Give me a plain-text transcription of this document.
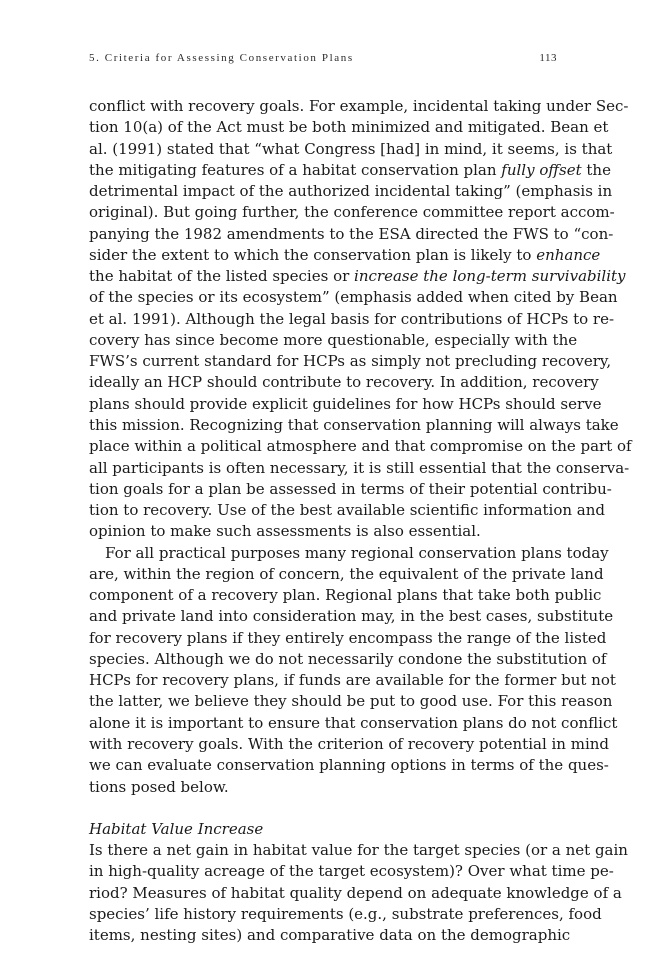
5. Criteria for Assessing Conservation Plans	113
conflict with recovery goals. For example, incidental taking under Sec-
tion 10(a) of the Act must be both minimized and mitigated. Bean et
al. (1991) stated that “what Congress [had] in mind, it seems, is that
the mitigating features of a habitat conservation plan fully offset the
detrimental impact of the authorized incidental taking” (emphasis in
original). But going further, the conference committee report accom-
panying the 1982 amendments to the ESA directed the FWS to “con-
sider the extent to which the conservation plan is likely to enhance
the habitat of the listed species or increase the long-term survivability
of the species or its ecosystem” (emphasis added when cited by Bean
et al. 1991). Although the legal basis for contributions of HCPs to re-
covery has since become more questionable, especially with the
FWS’s current standard for HCPs as simply not precluding recovery,
ideally an HCP should contribute to recovery. In addition, recovery
plans should provide explicit guidelines for how HCPs should serve
this mission. Recognizing that conservation planning will always take
place within a political atmosphere and that compromise on the part of
all participants is often necessary, it is still essential that the conserva-
tion goals for a plan be assessed in terms of their potential contribu-
tion to recovery. Use of the best available scientific information and
opinion to make such assessments is also essential.
For all practical purposes many regional conservation plans today
are, within the region of concern, the equivalent of the private land
component of a recovery plan. Regional plans that take both public
and private land into consideration may, in the best cases, substitute
for recovery plans if they entirely encompass the range of the listed
species. Although we do not necessarily condone the substitution of
HCPs for recovery plans, if funds are available for the former but not
the latter, we believe they should be put to good use. For this reason
alone it is important to ensure that conservation plans do not conflict
with recovery goals. With the criterion of recovery potential in mind
we can evaluate conservation planning options in terms of the ques-
tions posed below.
Habitat Value Increase
Is there a net gain in habitat value for the target species (or a net gain
in high-quality acreage of the target ecosystem)? Over what time pe-
riod? Measures of habitat quality depend on adequate knowledge of a
species’ life history requirements (e.g., substrate preferences, food
items, nesting sites) and comparative data on the demographic
